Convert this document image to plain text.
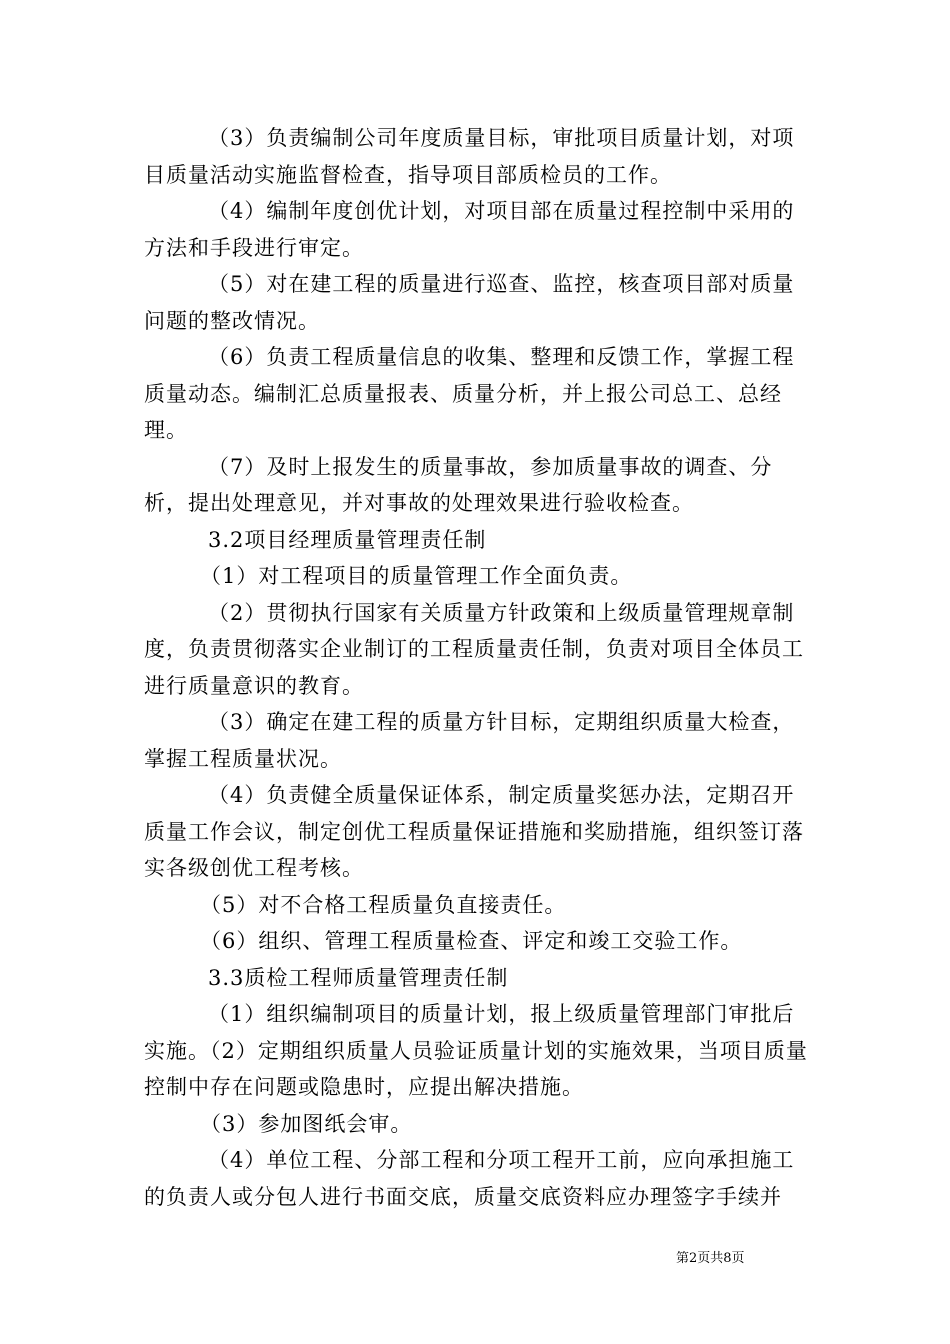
（3）负责编制公司年度质量目标，审批项目质量计划，对项目质量活动实施监督检查，指导项目部质检员的工作。

（4）编制年度创优计划，对项目部在质量过程控制中采用的方法和手段进行审定。

（5）对在建工程的质量进行巡查、监控，核查项目部对质量问题的整改情况。

（6）负责工程质量信息的收集、整理和反馈工作，掌握工程质量动态。编制汇总质量报表、质量分析，并上报公司总工、总经理。

（7）及时上报发生的质量事故，参加质量事故的调查、分析，提出处理意见，并对事故的处理效果进行验收检查。

3.2项目经理质量管理责任制

（1）对工程项目的质量管理工作全面负责。

（2）贯彻执行国家有关质量方针政策和上级质量管理规章制度，负责贯彻落实企业制订的工程质量责任制，负责对项目全体员工进行质量意识的教育。

（3）确定在建工程的质量方针目标，定期组织质量大检查，掌握工程质量状况。

（4）负责健全质量保证体系，制定质量奖惩办法，定期召开质量工作会议，制定创优工程质量保证措施和奖励措施，组织签订落实各级创优工程考核。

（5）对不合格工程质量负直接责任。

（6）组织、管理工程质量检查、评定和竣工交验工作。

3.3质检工程师质量管理责任制

（1）组织编制项目的质量计划，报上级质量管理部门审批后实施。（2）定期组织质量人员验证质量计划的实施效果，当项目质量控制中存在问题或隐患时，应提出解决措施。

（3）参加图纸会审。

（4）单位工程、分部工程和分项工程开工前，应向承担施工的负责人或分包人进行书面交底，质量交底资料应办理签字手续并

第2页共8页
